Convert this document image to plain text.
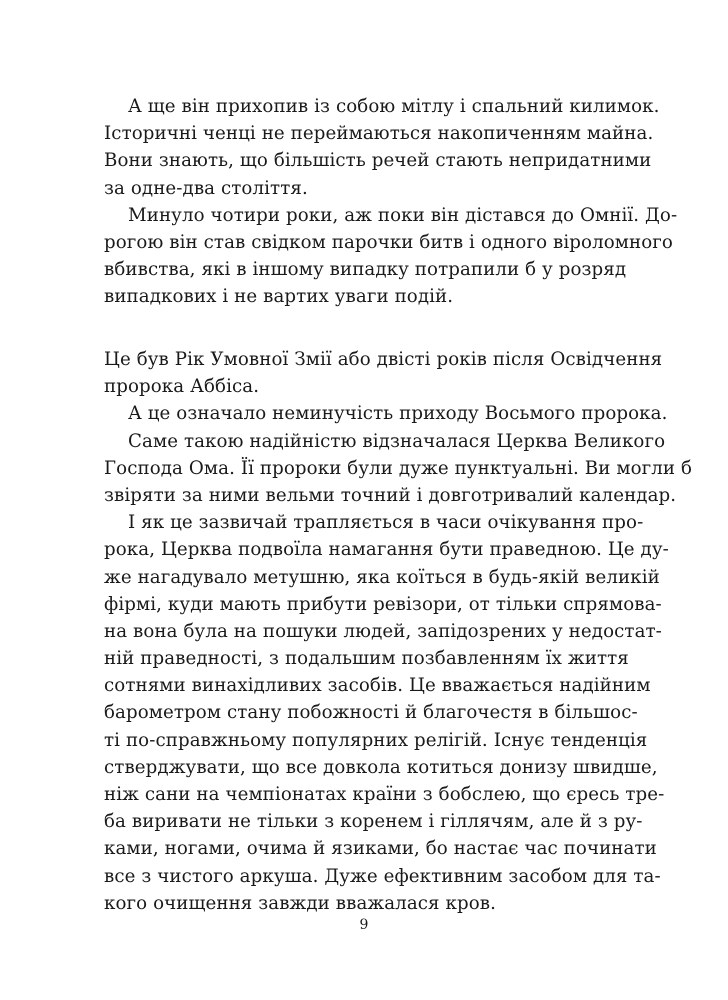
А ще він прихопив із собою мітлу і спальний килимок.
Історичні ченці не переймаються накопиченням майна.
Вони знають, що більшість речей стають непридатними
за одне-два століття.
Минуло чотири роки, аж поки він дістався до Омнії. До-
рогою він став свідком парочки битв і одного віроломного
вбивства, які в іншому випадку потрапили б у розряд
випадкових і не вартих уваги подій.
Це був Рік Умовної Змії або двісті років після Освідчення
пророка Аббіса.
А це означало неминучість приходу Восьмого пророка.
Саме такою надійністю відзначалася Церква Великого
Господа Ома. Її пророки були дуже пунктуальні. Ви могли б
звіряти за ними вельми точний і довготривалий календар.
І як це зазвичай трапляється в часи очікування про-
рока, Церква подвоїла намагання бути праведною. Це ду-
же нагадувало метушню, яка коїться в будь-якій великій
фірмі, куди мають прибути ревізори, от тільки спрямова-
на вона була на пошуки людей, запідозрених у недостат-
ній праведності, з подальшим позбавленням їх життя
сотнями винахідливих засобів. Це вважається надійним
барометром стану побожності й благочестя в більшос-
ті по-справжньому популярних релігій. Існує тенденція
стверджувати, що все довкола котиться донизу швидше,
ніж сани на чемпіонатах країни з бобслею, що єресь тре-
ба виривати не тільки з коренем і гіллячям, але й з ру-
ками, ногами, очима й язиками, бо настає час починати
все з чистого аркуша. Дуже ефективним засобом для та-
кого очищення завжди вважалася кров.
9
